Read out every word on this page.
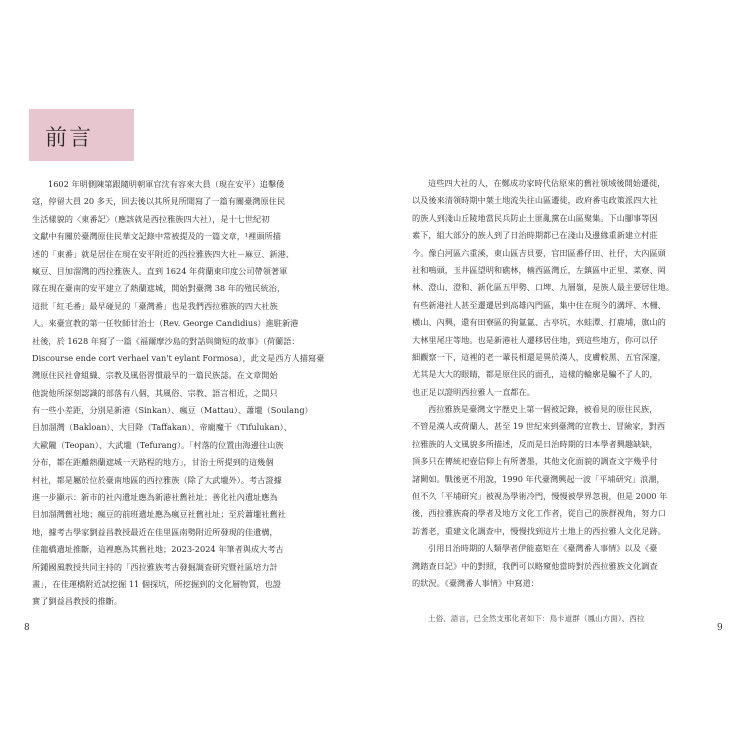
前言
1602 年明側陳第跟隨明朝軍官沈有容來大員（現在安平）追擊倭
寇，停留大員 20 多天，回去後以其所見所聞寫了一篇有關臺灣原住民
生活樣貌的〈東番記〉（應該就是西拉雅族四大社），是十七世紀初
文獻中有關於臺灣原住民華文記錄中常被提及的一篇文章，¹裡頭所描
述的「東番」就是居住在現在安平附近的西拉雅族四大社－麻豆、新港、
瘋豆、目加溜灣的西拉雅族人。直到 1624 年荷蘭東印度公司帶領著軍
隊在現在臺南的安平建立了熱蘭遮城，開始對臺灣 38 年的殖民統治，
這批「紅毛番」最早碰見的「臺灣番」也是我們西拉雅族的四大社族
人。來臺宣教的第一任牧師甘治士（Rev. George Candidius）進駐新港
社後，於 1628 年寫了一篇《福爾摩沙島的對話與簡短的故事》（荷蘭語：
Discourse ende cort verhael van't eylant Formosa），此文是西方人描寫臺
灣原住民社會組織、宗教及風俗習慣最早的一篇民族誌。在文章開始
他說他所深刻認識的部落有八個，其風俗、宗教、語言相近，之間只
有一些小差距，分別是新港（Sinkan）、瘋豆（Mattau）、蕭壠（Soulang）
目加溜灣（Bakloan）、大目降（Taffakan）、帝廟魔干（Tifulukan）、
大歐隴（Teopan）、大武壠（Tefurang）。「村落的位置由海邊往山族
分布，都在距離熱蘭遮城一天路程的地方」，甘治士所提到的這幾個
村社，都是屬於位於臺南地區的西拉雅族（除了大武壠外）。考古證據
進一步顯示：新市的社內遺址應為新港社舊社址；善化社內遺址應為
目加溜灣舊社地；瘋豆的前班遺址應為瘋豆社舊社址；至於蕭壠社舊社
地，據考古學家劉益昌教授最近在佳里區南勢附近所發現的佳遺構，
佳龍橋遺址推斷，這裡應為其舊社地；2023-2024 年筆者與成大考古
所鍾國風教授共同主持的「西拉雅族考古發掘調查研究暨社區培力計
畫」，在佳運橋附近試挖掘 11 個探坑，所挖掘到的文化層物質，也證
實了劉益昌教授的推斷。
8	9
這些四大社的人，在鄭成功家時代佔原來的舊社領域後開始遷徙，
以及後來清領時期中葉土地流失往山區遷徙，政府番屯政策派四大社
的族人到淺山丘陵地當民兵防止土匪亂黨在山區聚集。下山腳事等因
素下，組大部分的族人到了日治時期都已在淺山及邊緣重新建立村莊
今。像白河區六重溪，東山區吉貝要，官田區番仔田、社仔，大內區頭
社和鳴頭，玉井區望明和礁林，楠西區灣丘，左鎮區中正里、菜寮、岡
林、澄山、澄和、新化區五甲勢、口埤、九層嶺，是族人最主要居住地。
有些新港社人甚至遷遷居到高雄內門區，集中住在現今的溝坪、木柵、
橫山、內興，還有田寮區的狗氳氳、古亭坑，水蛙潭、打鹿埔，旗山的
大林里尾庄等地。也是新港社人遷移居住地，到這些地方，你可以仔
細觀察一下，這裡的老一輩長相還是異於漢人，皮膚較黑、五官深邃，
尤其是大大的眼睛，都是原住民的面孔，這樣的輪廓是騙不了人的，
也正足以證明西拉雅人一直都在。
西拉雅族是臺灣文字歷史上第一個被記錄，被看見的原住民族，
不管是漢人或荷蘭人，甚至 19 世紀來到臺灣的宣教士、冒險家，對西
拉雅族的人文風貌多所描述，反而是日治時期的日本學者興趣缺缺，
頂多只在傳統祀壺信仰上有所著墨，其他文化面貌的調查文字幾乎付
諸闕如。戰後更不用說，1990 年代臺灣興起一波「平埔研究」浪潮，
但不久「平埔研究」被視為學術冷門，慢慢被學界忽視，但是 2000 年
後，西拉雅族裔的學者及地方文化工作者，從自己的族群視角，努力口
訪耆老，重建文化調查中，慢慢找到這片土地上的西拉雅人文化足跡。
引用日治時期的人類學者伊能嘉矩在《臺灣番人事情》以及《臺
灣踏查日記》中的對照，我們可以略窺他當時對於西拉雅族文化調查
的狀況。《臺灣番人事情》中寫道：
土俗、語言，已全然支那化者如下：鳥卡道群（鳳山方面）、西拉
